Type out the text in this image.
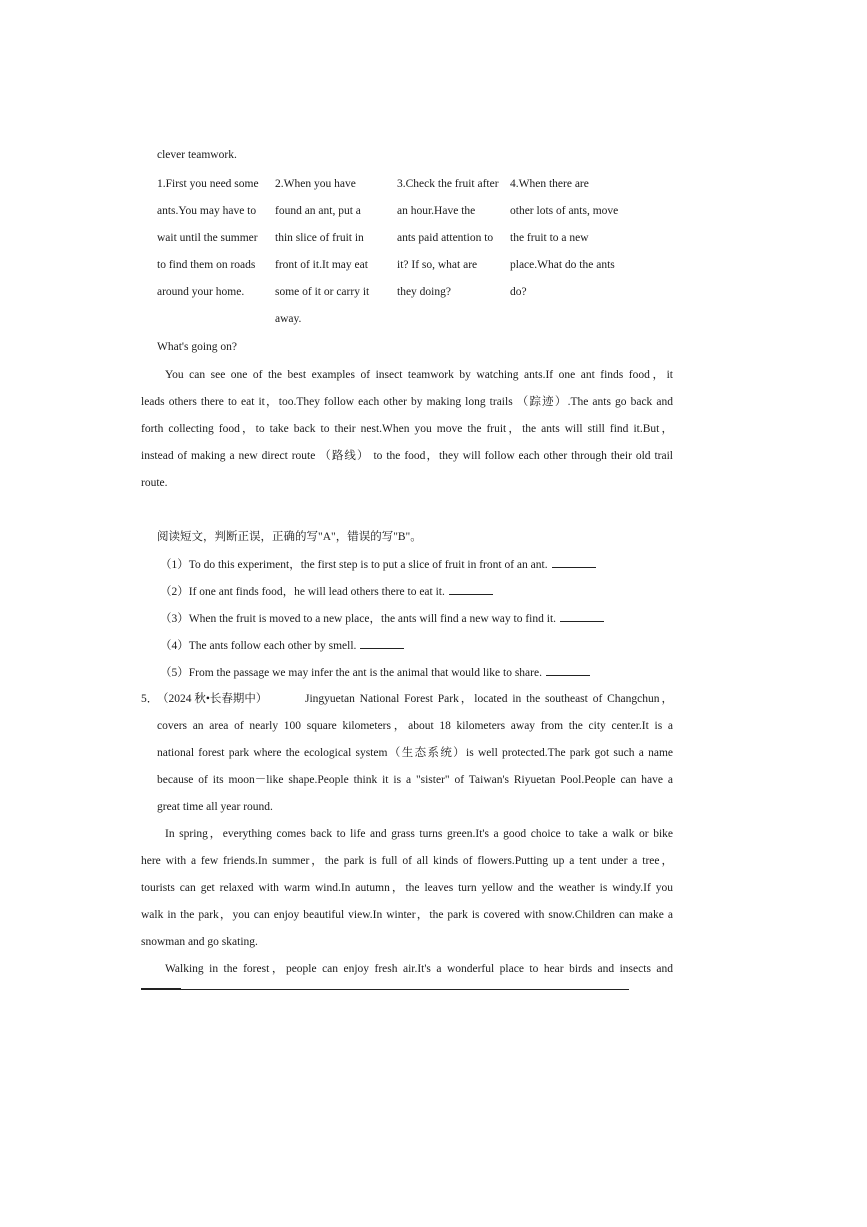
clever teamwork.
1.First you need some
ants.You may have to
wait until the summer
to find them on roads
around your home.
2.When you have
found an ant, put a
thin slice of fruit in
front of it.It may eat
some of it or carry it
away.
3.Check the fruit after
an hour.Have the
ants paid attention to
it? If so, what are
they doing?
4.When there are
other lots of ants, move
the fruit to a new
place.What do the ants
do?
What's going on?
You can see one of the best examples of insect teamwork by watching ants.If one ant finds food，it
leads others there to eat it，too.They follow each other by making long trails （踪迹）.The ants go back and
forth collecting food，to take back to their nest.When you move the fruit，the ants will still find it.But，
instead of making a new direct route （路线） to the food，they will follow each other through their old trail
route.
阅读短文，判断正误，正确的写"A"，错误的写"B"。
（1）To do this experiment，the first step is to put a slice of fruit in front of an ant.
（2）If one ant finds food，he will lead others there to eat it.
（3）When the fruit is moved to a new place，the ants will find a new way to find it.
（4）The ants follow each other by smell.
（5）From the passage we may infer the ant is the animal that would like to share.
5．
（2024 秋•长春期中）	Jingyuetan National Forest Park，located in the southeast of Changchun，
covers an area of nearly 100 square kilometers，about 18 kilometers away from the city center.It is a
national forest park where the ecological system（生态系统）is well protected.The park got such a name
because of its moon－like shape.People think it is a "sister" of Taiwan's Riyuetan Pool.People can have a
great time all year round.
In spring，everything comes back to life and grass turns green.It's a good choice to take a walk or bike
here with a few friends.In summer，the park is full of all kinds of flowers.Putting up a tent under a tree，
tourists can get relaxed with warm wind.In autumn，the leaves turn yellow and the weather is windy.If you
walk in the park，you can enjoy beautiful view.In winter，the park is covered with snow.Children can make a
snowman and go skating.
Walking in the forest，people can enjoy fresh air.It's a wonderful place to hear birds and insects and
